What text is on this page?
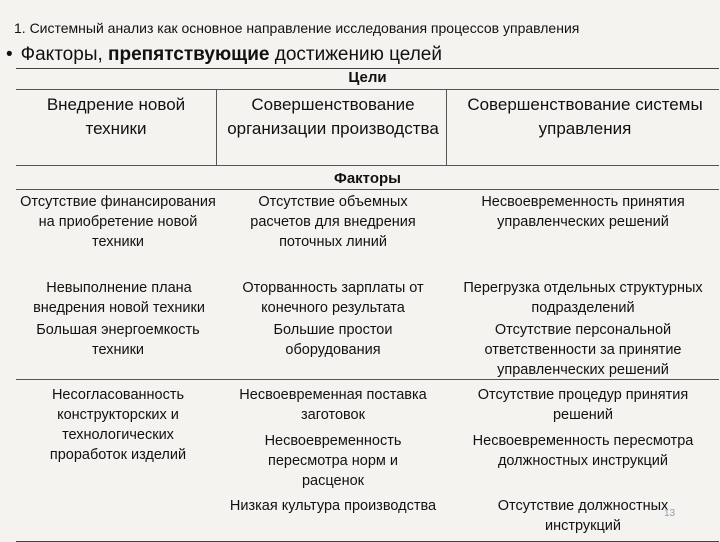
1. Системный анализ как основное направление исследования процессов управления
• Факторы, препятствующие достижению целей
Цели
Внедрение новой техники
Совершенствование организации производства
Совершенствование системы управления
Факторы
Отсутствие финансирования на приобретение новой техники
Невыполнение плана внедрения новой техники
Большая энергоемкость техники
Несогласованность конструкторских и технологических проработок изделий
Отсутствие объемных расчетов для внедрения поточных линий
Оторванность зарплаты от конечного результата
Большие простои оборудования
Несвоевременная поставка заготовок
Несвоевременность пересмотра норм и расценок
Низкая культура производства
Несвоевременность принятия управленческих решений
Перегрузка отдельных структурных подразделений
Отсутствие персональной ответственности за принятие управленческих решений
Отсутствие процедур принятия решений
Несвоевременность пересмотра должностных инструкций
Отсутствие должностных инструкций
13
